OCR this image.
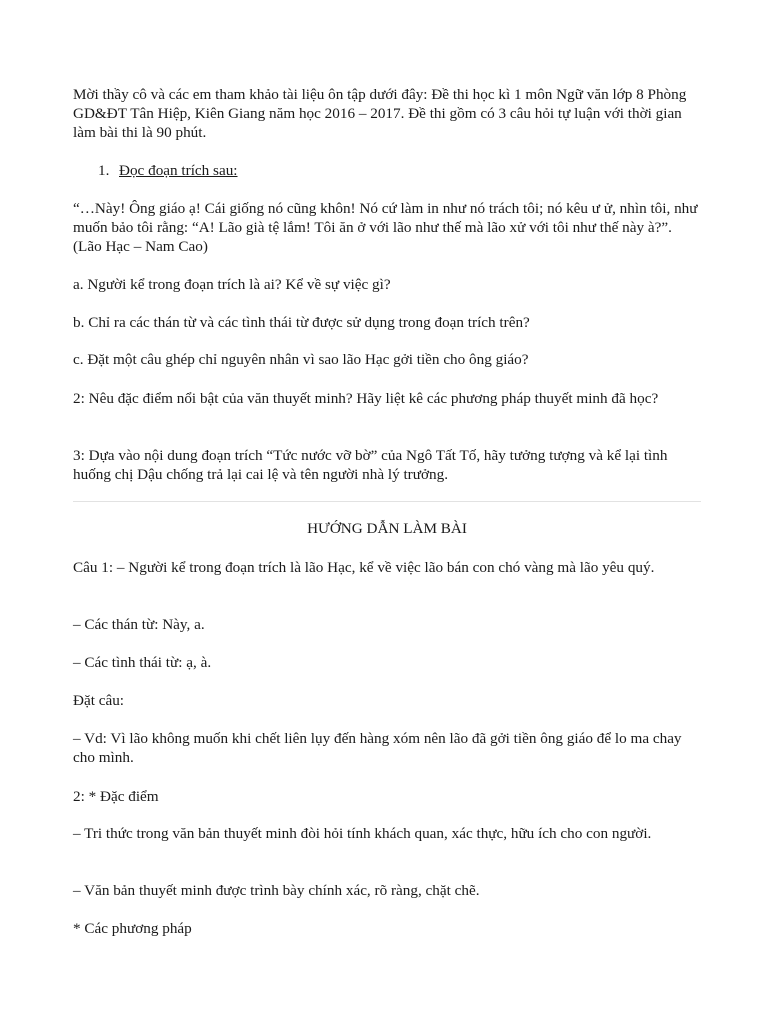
Mời thầy cô và các em tham khảo tài liệu ôn tập dưới đây: Đề thi học kì 1 môn Ngữ văn lớp 8 Phòng GD&ĐT Tân Hiệp, Kiên Giang năm học 2016 – 2017. Đề thi gồm có 3 câu hỏi tự luận với thời gian làm bài thi là 90 phút.

1. Đọc đoạn trích sau:

“…Này! Ông giáo ạ! Cái giống nó cũng khôn! Nó cứ làm in như nó trách tôi; nó kêu ư ử, nhìn tôi, như muốn bảo tôi rằng: “A! Lão già tệ lắm! Tôi ăn ở với lão như thế mà lão xử với tôi như thế này à?”. (Lão Hạc – Nam Cao)

a. Người kể trong đoạn trích là ai? Kể về sự việc gì?

b. Chỉ ra các thán từ và các tình thái từ được sử dụng trong đoạn trích trên?

c. Đặt một câu ghép chỉ nguyên nhân vì sao lão Hạc gởi tiền cho ông giáo?

2: Nêu đặc điểm nổi bật của văn thuyết minh? Hãy liệt kê các phương pháp thuyết minh đã học?

3: Dựa vào nội dung đoạn trích “Tức nước vỡ bờ” của Ngô Tất Tố, hãy tưởng tượng và kể lại tình huống chị Dậu chống trả lại cai lệ và tên người nhà lý trưởng.

HƯỚNG DẪN LÀM BÀI

Câu 1: – Người kể trong đoạn trích là lão Hạc, kể về việc lão bán con chó vàng mà lão yêu quý.

– Các thán từ: Này, a.

– Các tình thái từ: ạ, à.

Đặt câu:

– Vd: Vì lão không muốn khi chết liên lụy đến hàng xóm nên lão đã gởi tiền ông giáo để lo ma chay cho mình.

2: * Đặc điểm

– Tri thức trong văn bản thuyết minh đòi hỏi tính khách quan, xác thực, hữu ích cho con người.

– Văn bản thuyết minh được trình bày chính xác, rõ ràng, chặt chẽ.

* Các phương pháp
